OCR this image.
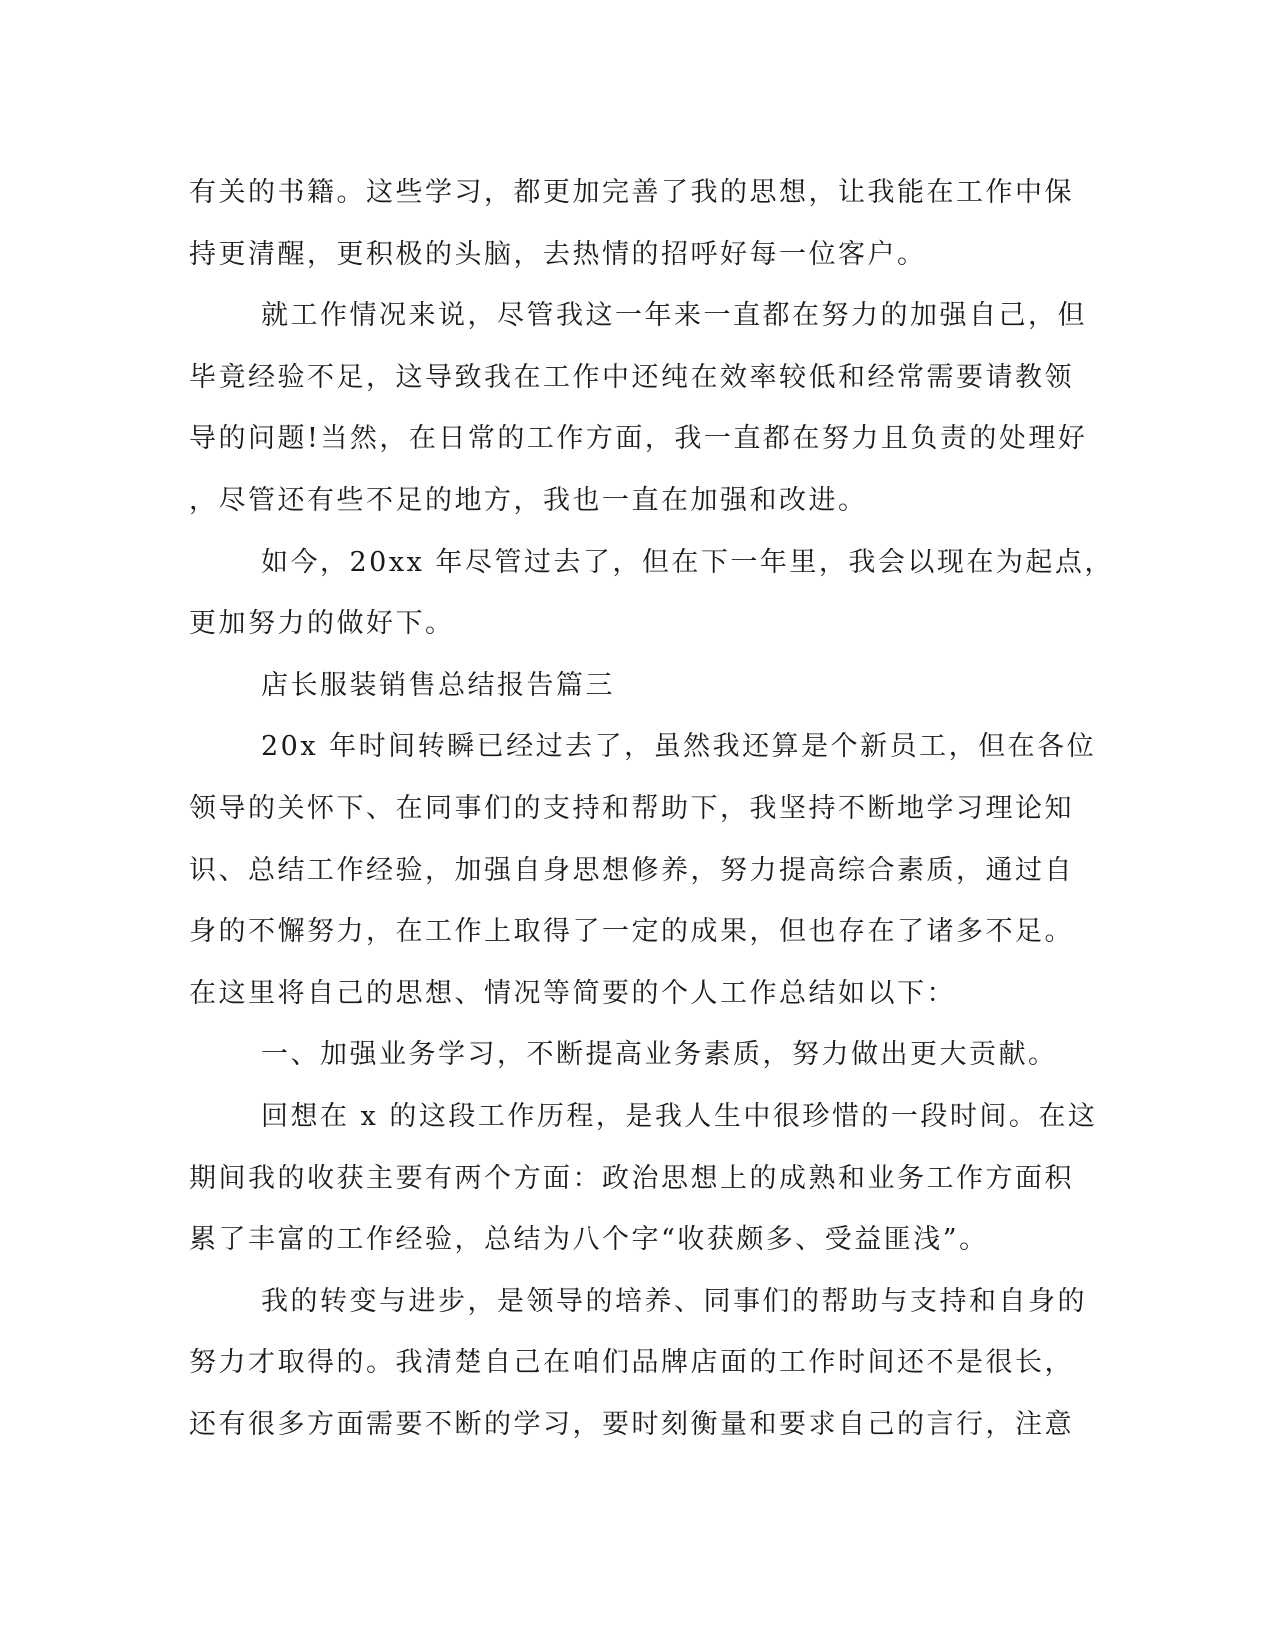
有关的书籍。这些学习，都更加完善了我的思想，让我能在工作中保
持更清醒，更积极的头脑，去热情的招呼好每一位客户。
就工作情况来说，尽管我这一年来一直都在努力的加强自己，但
毕竟经验不足，这导致我在工作中还纯在效率较低和经常需要请教领
导的问题!当然，在日常的工作方面，我一直都在努力且负责的处理好
，尽管还有些不足的地方，我也一直在加强和改进。
如今，20xx 年尽管过去了，但在下一年里，我会以现在为起点，
更加努力的做好下。
店长服装销售总结报告篇三
20x 年时间转瞬已经过去了，虽然我还算是个新员工，但在各位
领导的关怀下、在同事们的支持和帮助下，我坚持不断地学习理论知
识、总结工作经验，加强自身思想修养，努力提高综合素质，通过自
身的不懈努力，在工作上取得了一定的成果，但也存在了诸多不足。
在这里将自己的思想、情况等简要的个人工作总结如以下：
一、加强业务学习，不断提高业务素质，努力做出更大贡献。
回想在 x 的这段工作历程，是我人生中很珍惜的一段时间。在这
期间我的收获主要有两个方面：政治思想上的成熟和业务工作方面积
累了丰富的工作经验，总结为八个字“收获颇多、受益匪浅”。
我的转变与进步，是领导的培养、同事们的帮助与支持和自身的
努力才取得的。我清楚自己在咱们品牌店面的工作时间还不是很长，
还有很多方面需要不断的学习，要时刻衡量和要求自己的言行，注意
